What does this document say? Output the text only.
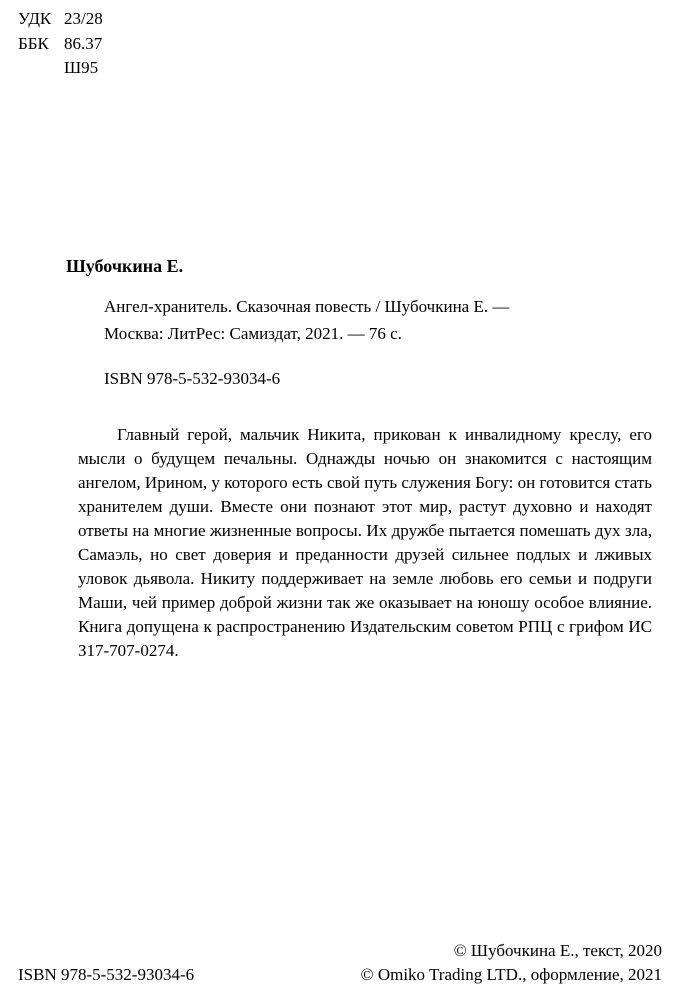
УДК 23/28
ББК 86.37
Ш95
Шубочкина Е.
Ангел-хранитель. Сказочная повесть / Шубочкина Е. —
Москва: ЛитРес: Самиздат, 2021. — 76 с.
ISBN 978-5-532-93034-6
Главный герой, мальчик Никита, прикован к инвалидному креслу, его мысли о будущем печальны. Однажды ночью он знакомится с настоящим ангелом, Ирином, у которого есть свой путь служения Богу: он готовится стать хранителем души. Вместе они познают этот мир, растут духовно и находят ответы на многие жизненные вопросы. Их дружбе пытается помешать дух зла, Самаэль, но свет доверия и преданности друзей сильнее подлых и лживых уловок дьявола. Никиту поддерживает на земле любовь его семьи и подруги Маши, чей пример доброй жизни так же оказывает на юношу особое влияние. Книга допущена к распространению Издательским советом РПЦ с грифом ИС З17-707-0274.
© Шубочкина Е., текст, 2020
ISBN 978-5-532-93034-6	© Omiko Trading LTD., оформление, 2021
